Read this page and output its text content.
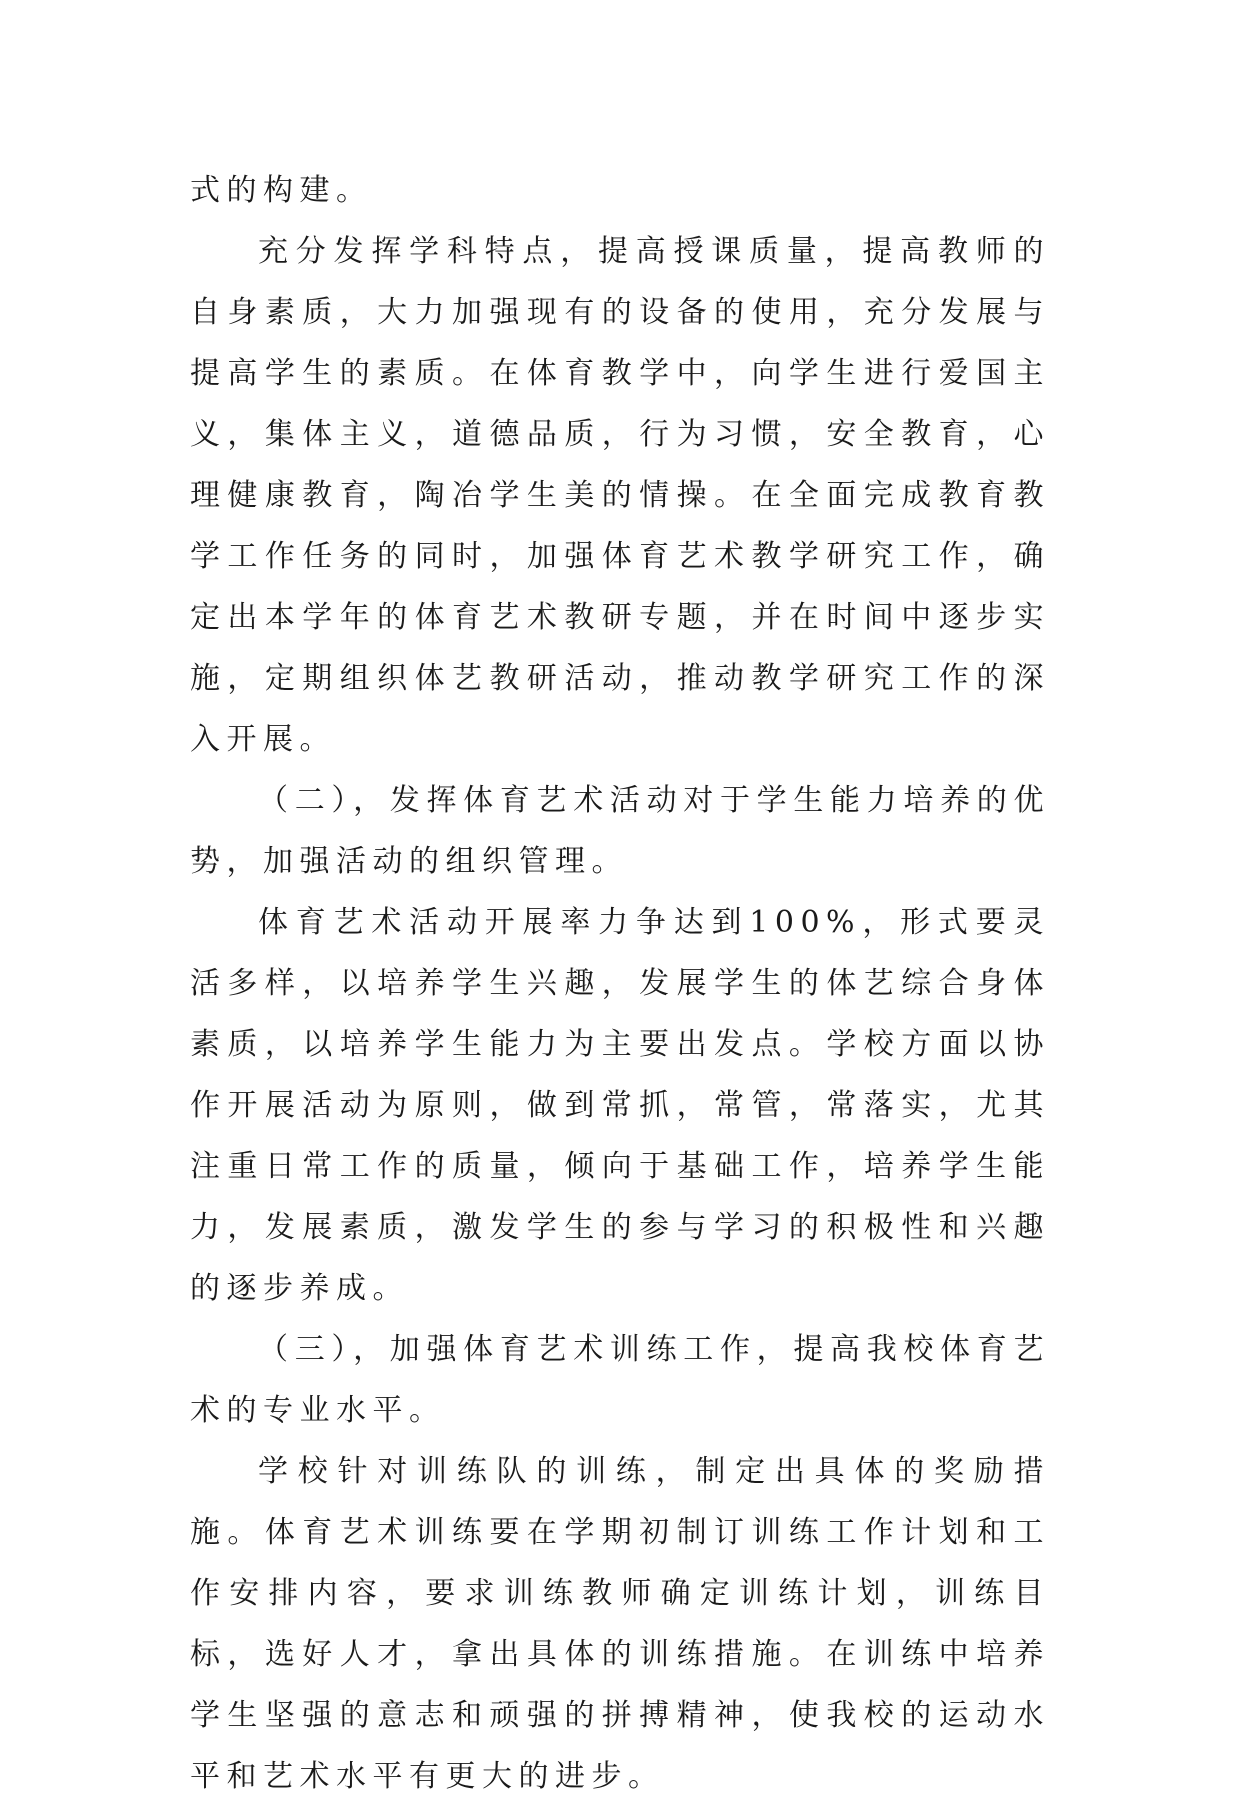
式的构建。

充分发挥学科特点，提高授课质量，提高教师的自身素质，大力加强现有的设备的使用，充分发展与提高学生的素质。在体育教学中，向学生进行爱国主义，集体主义，道德品质，行为习惯，安全教育，心理健康教育，陶冶学生美的情操。在全面完成教育教学工作任务的同时，加强体育艺术教学研究工作，确定出本学年的体育艺术教研专题，并在时间中逐步实施，定期组织体艺教研活动，推动教学研究工作的深入开展。

（二），发挥体育艺术活动对于学生能力培养的优势，加强活动的组织管理。

体育艺术活动开展率力争达到100%，形式要灵活多样，以培养学生兴趣，发展学生的体艺综合身体素质，以培养学生能力为主要出发点。学校方面以协作开展活动为原则，做到常抓，常管，常落实，尤其注重日常工作的质量，倾向于基础工作，培养学生能力，发展素质，激发学生的参与学习的积极性和兴趣的逐步养成。

（三），加强体育艺术训练工作，提高我校体育艺术的专业水平。

学校针对训练队的训练，制定出具体的奖励措施。体育艺术训练要在学期初制订训练工作计划和工作安排内容，要求训练教师确定训练计划，训练目标，选好人才，拿出具体的训练措施。在训练中培养学生坚强的意志和顽强的拼搏精神，使我校的运动水平和艺术水平有更大的进步。
